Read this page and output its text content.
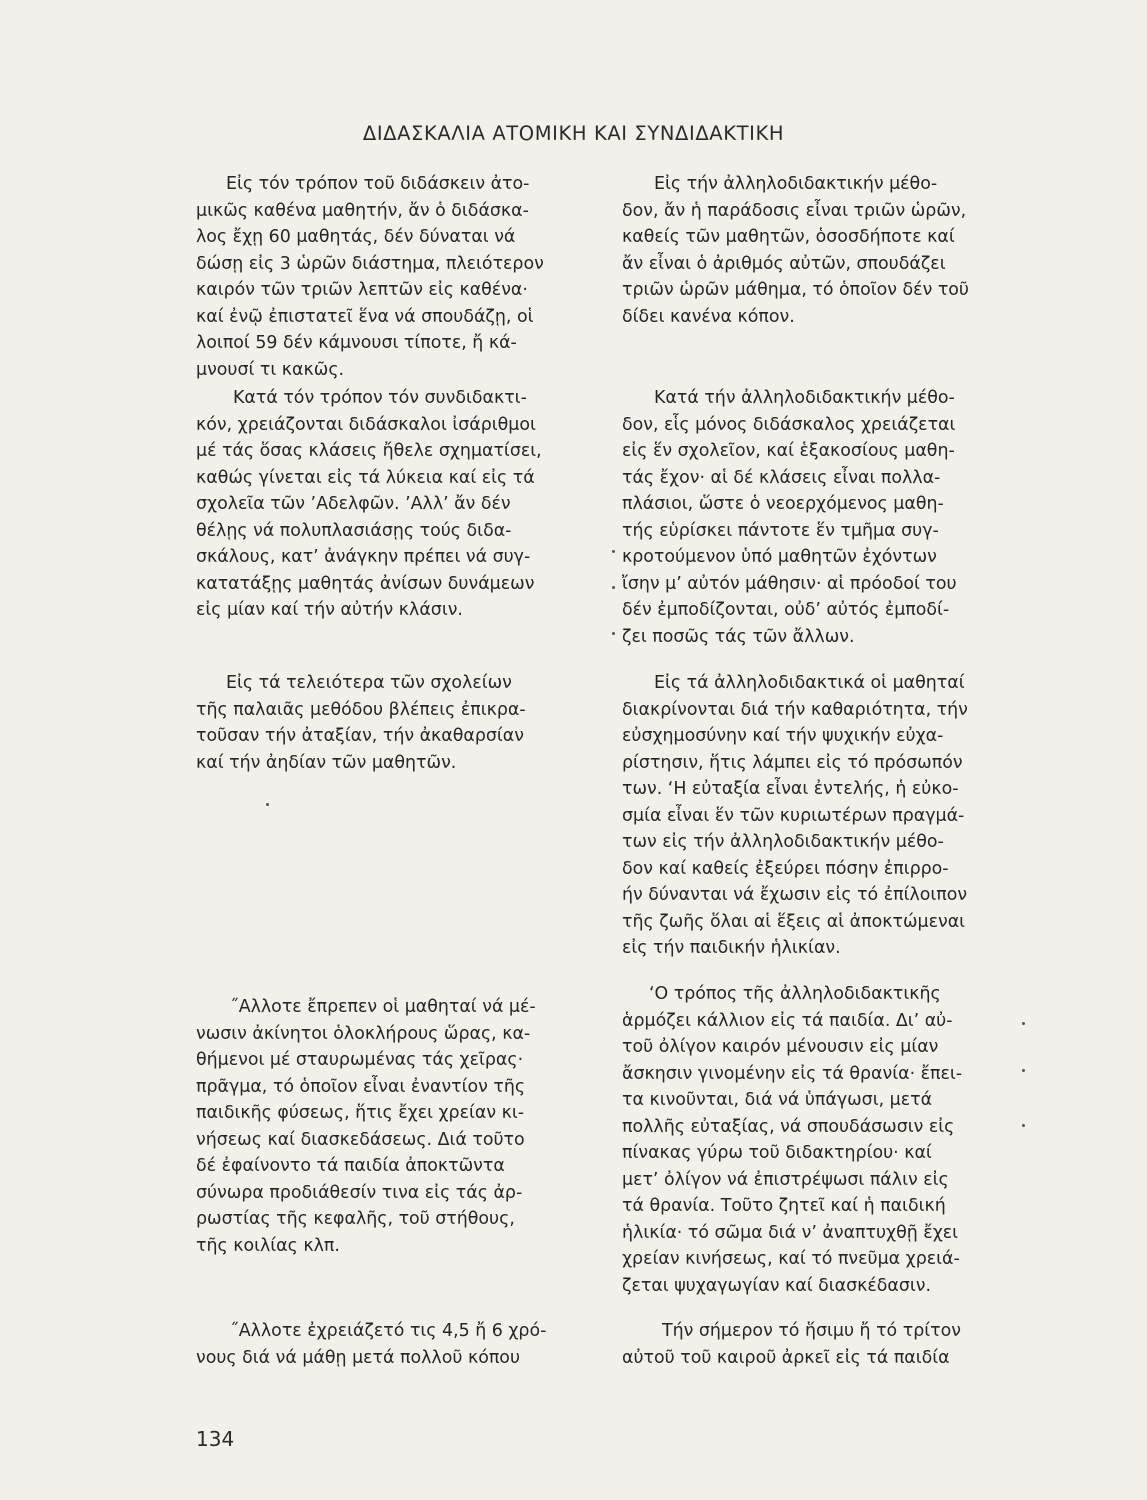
ΔΙΔΑΣΚΑΛΙΑ ΑΤΟΜΙΚΗ ΚΑΙ ΣΥΝΔΙΔΑΚΤΙΚΗ
Εἰς τόν τρόπον τοῦ διδάσκειν ἀτο-
μικῶς καθένα μαθητήν, ἄν ὁ διδάσκα-
λος ἔχῃ 60 μαθητάς, δέν δύναται νά
δώσῃ εἰς 3 ὡρῶν διάστημα, πλειότερον
καιρόν τῶν τριῶν λεπτῶν εἰς καθένα·
καί ἐνῷ ἐπιστατεῖ ἕνα νά σπουδάζῃ, οἱ
λοιποί 59 δέν κάμνουσι τίποτε, ἤ κά-
μνουσί τι κακῶς.
Κατά τόν τρόπον τόν συνδιδακτι-
κόν, χρειάζονται διδάσκαλοι ἰσάριθμοι
μέ τάς ὅσας κλάσεις ἤθελε σχηματίσει,
καθώς γίνεται εἰς τά λύκεια καί εἰς τά
σχολεῖα τῶν ’Αδελφῶν. ’Αλλ’ ἄν δέν
θέλῃς νά πολυπλασιάσῃς τούς διδα-
σκάλους, κατ’ ἀνάγκην πρέπει νά συγ-
κατατάξῃς μαθητάς ἀνίσων δυνάμεων
εἰς μίαν καί τήν αὐτήν κλάσιν.
Εἰς τά τελειότερα τῶν σχολείων
τῆς παλαιᾶς μεθόδου βλέπεις ἐπικρα-
τοῦσαν τήν ἀταξίαν, τήν ἀκαθαρσίαν
καί τήν ἀηδίαν τῶν μαθητῶν.
˝Αλλοτε ἔπρεπεν οἱ μαθηταί νά μέ-
νωσιν ἀκίνητοι ὁλοκλήρους ὥρας, κα-
θήμενοι μέ σταυρωμένας τάς χεῖρας·
πρᾶγμα, τό ὁποῖον εἶναι ἐναντίον τῆς
παιδικῆς φύσεως, ἥτις ἔχει χρείαν κι-
νήσεως καί διασκεδάσεως. Διά τοῦτο
δέ ἐφαίνοντο τά παιδία ἀποκτῶντα
σύνωρα προδιάθεσίν τινα εἰς τάς ἀρ-
ρωστίας τῆς κεφαλῆς, τοῦ στήθους,
τῆς κοιλίας κλπ.
˝Αλλοτε ἐχρειάζετό τις 4,5 ἤ 6 χρό-
νους διά νά μάθῃ μετά πολλοῦ κόπου
Εἰς τήν ἀλληλοδιδακτικήν μέθο-
δον, ἄν ἡ παράδοσις εἶναι τριῶν ὡρῶν,
καθείς τῶν μαθητῶν, ὁσοσδήποτε καί
ἄν εἶναι ὁ ἀριθμός αὐτῶν, σπουδάζει
τριῶν ὡρῶν μάθημα, τό ὁποῖον δέν τοῦ
δίδει κανένα κόπον.
Κατά τήν ἀλληλοδιδακτικήν μέθο-
δον, εἷς μόνος διδάσκαλος χρειάζεται
εἰς ἕν σχολεῖον, καί ἑξακοσίους μαθη-
τάς ἔχον· αἱ δέ κλάσεις εἶναι πολλα-
πλάσιοι, ὥστε ὁ νεοερχόμενος μαθη-
τής εὑρίσκει πάντοτε ἕν τμῆμα συγ-
κροτούμενον ὑπό μαθητῶν ἐχόντων
ἴσην μ’ αὐτόν μάθησιν· αἱ πρόοδοί του
δέν ἐμποδίζονται, οὐδ’ αὐτός ἐμποδί-
ζει ποσῶς τάς τῶν ἄλλων.
Εἰς τά ἀλληλοδιδακτικά οἱ μαθηταί
διακρίνονται διά τήν καθαριότητα, τήν
εὐσχημοσύνην καί τήν ψυχικήν εὐχα-
ρίστησιν, ἥτις λάμπει εἰς τό πρόσωπόν
των. ‘Η εὐταξία εἶναι ἐντελής, ἡ εὐκο-
σμία εἶναι ἕν τῶν κυριωτέρων πραγμά-
των εἰς τήν ἀλληλοδιδακτικήν μέθο-
δον καί καθείς ἐξεύρει πόσην ἐπιρρο-
ήν δύνανται νά ἔχωσιν εἰς τό ἐπίλοιπον
τῆς ζωῆς ὅλαι αἱ ἕξεις αἱ ἀποκτώμεναι
εἰς τήν παιδικήν ἡλικίαν.
‘Ο τρόπος τῆς ἀλληλοδιδακτικῆς
ἁρμόζει κάλλιον εἰς τά παιδία. Δι’ αὐ-
τοῦ ὀλίγον καιρόν μένουσιν εἰς μίαν
ἄσκησιν γινομένην εἰς τά θρανία· ἔπει-
τα κινοῦνται, διά νά ὑπάγωσι, μετά
πολλῆς εὐταξίας, νά σπουδάσωσιν εἰς
πίνακας γύρω τοῦ διδακτηρίου· καί
μετ’ ὀλίγον νά ἐπιστρέψωσι πάλιν εἰς
τά θρανία. Τοῦτο ζητεῖ καί ἡ παιδική
ἡλικία· τό σῶμα διά ν’ ἀναπτυχθῇ ἔχει
χρείαν κινήσεως, καί τό πνεῦμα χρειά-
ζεται ψυχαγωγίαν καί διασκέδασιν.
Τήν σήμερον τό ἥσιμυ ἤ τό τρίτον
αὐτοῦ τοῦ καιροῦ ἀρκεῖ εἰς τά παιδία
134
